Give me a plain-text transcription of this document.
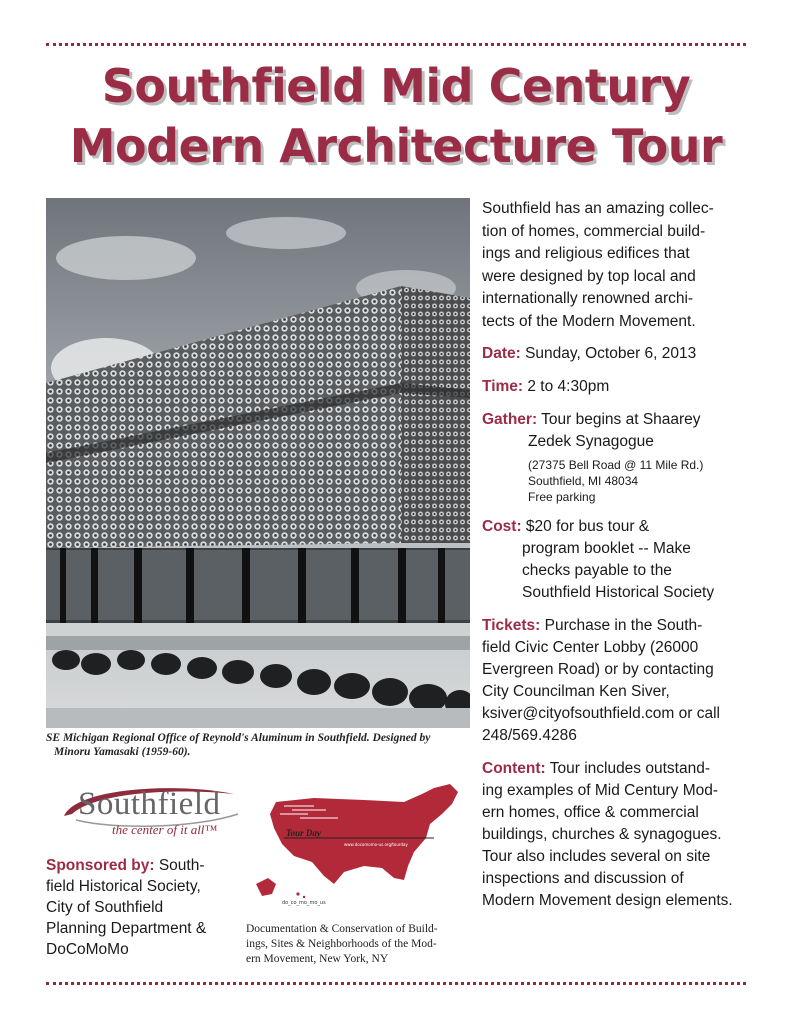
Southfield Mid Century
Modern Architecture Tour
SE Michigan Regional Office of Reynold's Aluminum in Southfield. Designed by
Minoru Yamasaki (1959-60).
Southfield
the center of it all™
Sponsored by: South-
field Historical Society,
City of Southfield
Planning Department &
DoCoMoMo
Tour Day
www.docomomo-us.org/tourday
do_co_mo_mo_us
Documentation & Conservation of Build-
ings, Sites & Neighborhoods of the Mod-
ern Movement, New York, NY
Southfield has an amazing collec-
tion of homes, commercial build-
ings and religious edifices that
were designed by top local and
internationally renowned archi-
tects of the Modern Movement.
Date: Sunday, October 6, 2013
Time: 2 to 4:30pm
Gather: Tour begins at Shaarey
Zedek Synagogue
(27375 Bell Road @ 11 Mile Rd.)
Southfield, MI 48034
Free parking
Cost: $20 for bus tour &
program booklet -- Make
checks payable to the
Southfield Historical Society
Tickets: Purchase in the South-
field Civic Center Lobby (26000
Evergreen Road) or by contacting
City Councilman Ken Siver,
ksiver@cityofsouthfield.com or call
248/569.4286
Content: Tour includes outstand-
ing examples of Mid Century Mod-
ern homes, office & commercial
buildings, churches & synagogues.
Tour also includes several on site
inspections and discussion of
Modern Movement design elements.
